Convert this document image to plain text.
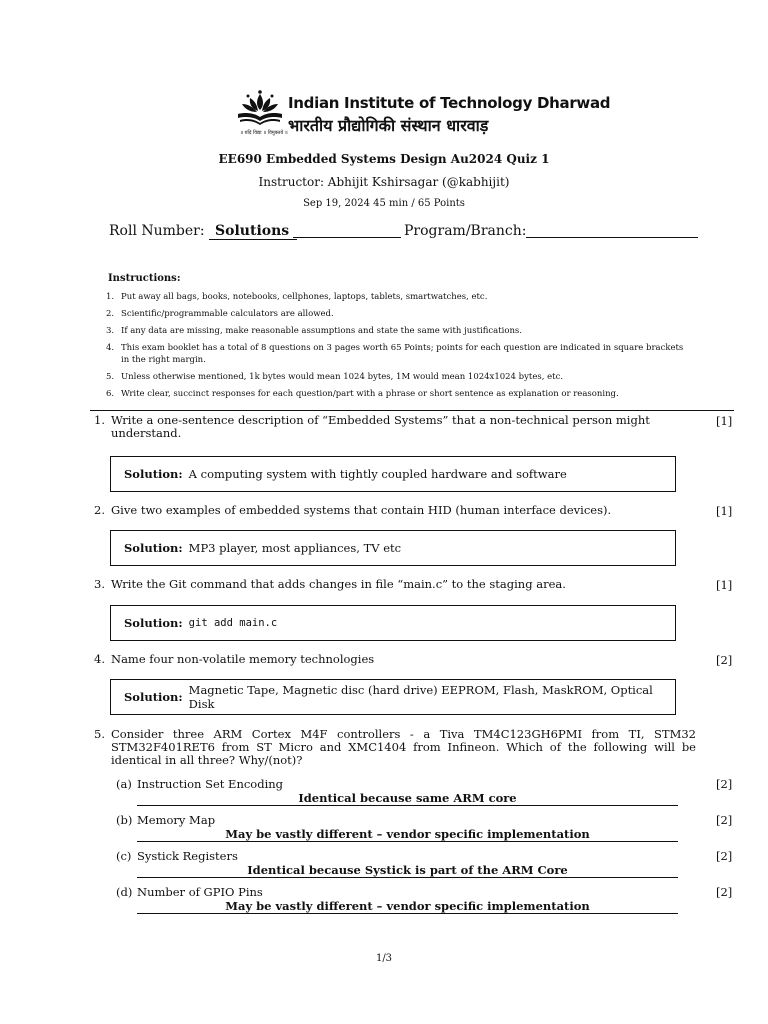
Indian Institute of Technology Dharwad
भारतीय प्रौद्योगिकी संस्थान धारवाड़
॥ यदि विद्या ॥ विमुक्तये ॥
EE690 Embedded Systems Design Au2024 Quiz 1
Instructor: Abhijit Kshirsagar (@kabhijit)
Sep 19, 2024 45 min / 65 Points
Roll Number: Solutions	Program/Branch:
Instructions:
1. Put away all bags, books, notebooks, cellphones, laptops, tablets, smartwatches, etc.
2. Scientific/programmable calculators are allowed.
3. If any data are missing, make reasonable assumptions and state the same with justifications.
4. This exam booklet has a total of 8 questions on 3 pages worth 65 Points; points for each question are indicated in square brackets in the right margin.
5. Unless otherwise mentioned, 1k bytes would mean 1024 bytes, 1M would mean 1024x1024 bytes, etc.
6. Write clear, succinct responses for each question/part with a phrase or short sentence as explanation or reasoning.
1. Write a one-sentence description of “Embedded Systems” that a non-technical person might understand.
[1]
Solution: A computing system with tightly coupled hardware and software
2. Give two examples of embedded systems that contain HID (human interface devices).	[1]
Solution: MP3 player, most appliances, TV etc
3. Write the Git command that adds changes in file “main.c” to the staging area.	[1]
Solution: git add main.c
4. Name four non-volatile memory technologies	[2]
Solution: Magnetic Tape, Magnetic disc (hard drive) EEPROM, Flash, MaskROM, Optical Disk
5. Consider three ARM Cortex M4F controllers - a Tiva TM4C123GH6PMI from TI, STM32 STM32F401RET6 from ST Micro and XMC1404 from Infineon. Which of the following will be identical in all three? Why/(not)?
(a) Instruction Set Encoding	[2]
Identical because same ARM core
(b) Memory Map	[2]
May be vastly different – vendor specific implementation
(c) Systick Registers	[2]
Identical because Systick is part of the ARM Core
(d) Number of GPIO Pins	[2]
May be vastly different – vendor specific implementation
1/3
